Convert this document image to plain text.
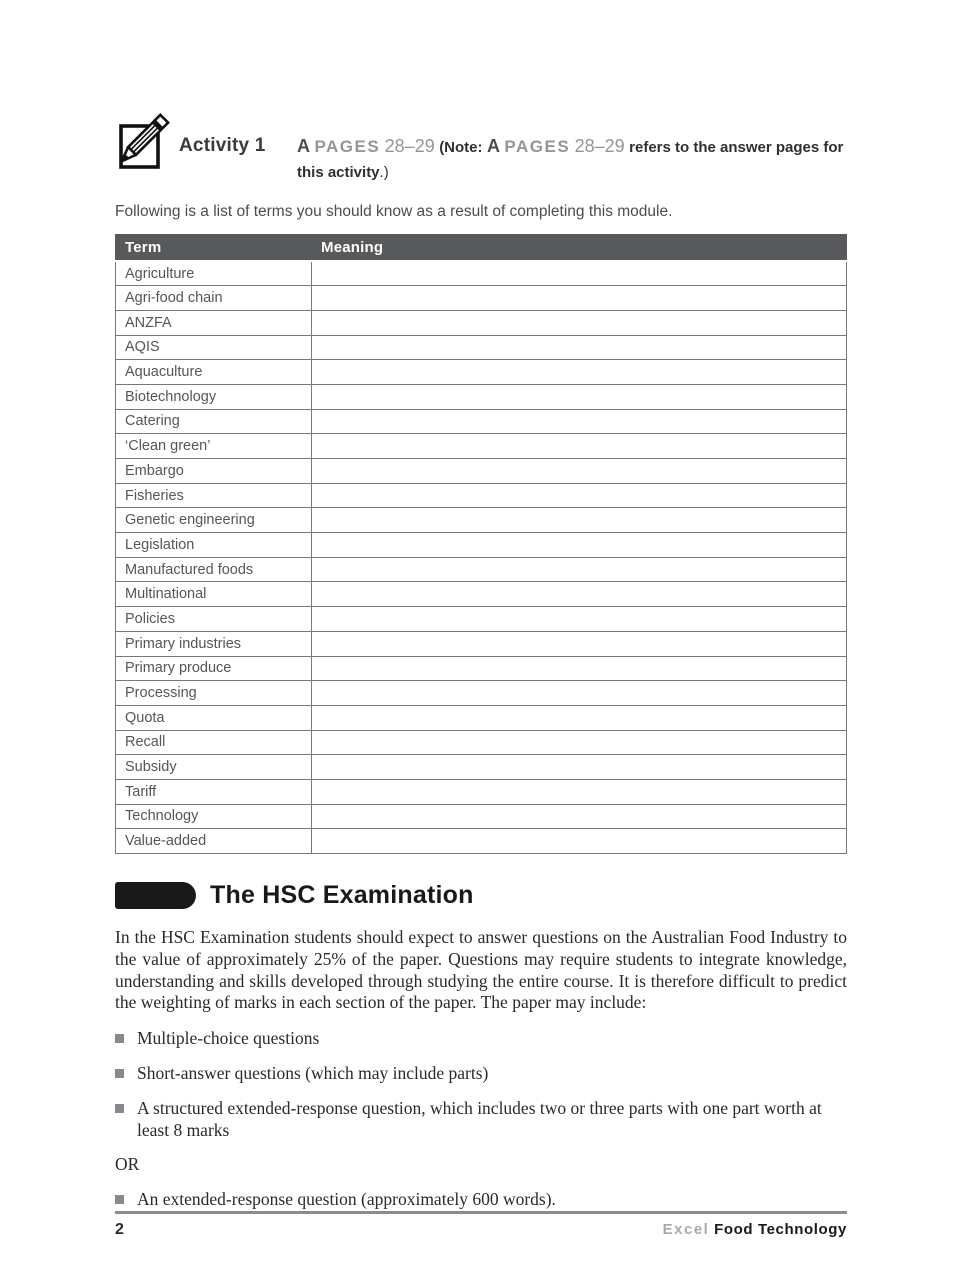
Activity 1	A PAGES 28–29 (Note: A PAGES 28–29 refers to the answer pages for this activity.)

Following is a list of terms you should know as a result of completing this module.

Term	Meaning
Agriculture	
Agri-food chain	
ANZFA	
AQIS	
Aquaculture	
Biotechnology	
Catering	
‘Clean green’	
Embargo	
Fisheries	
Genetic engineering	
Legislation	
Manufactured foods	
Multinational	
Policies	
Primary industries	
Primary produce	
Processing	
Quota	
Recall	
Subsidy	
Tariff	
Technology	
Value-added	
The HSC Examination

In the HSC Examination students should expect to answer questions on the Australian Food Industry to the value of approximately 25% of the paper. Questions may require students to integrate knowledge, understanding and skills developed through studying the entire course. It is therefore difficult to predict the weighting of marks in each section of the paper. The paper may include:

Multiple-choice questions
Short-answer questions (which may include parts)
A structured extended-response question, which includes two or three parts with one part worth at least 8 marks
OR
An extended-response question (approximately 600 words).
2	Excel Food Technology
